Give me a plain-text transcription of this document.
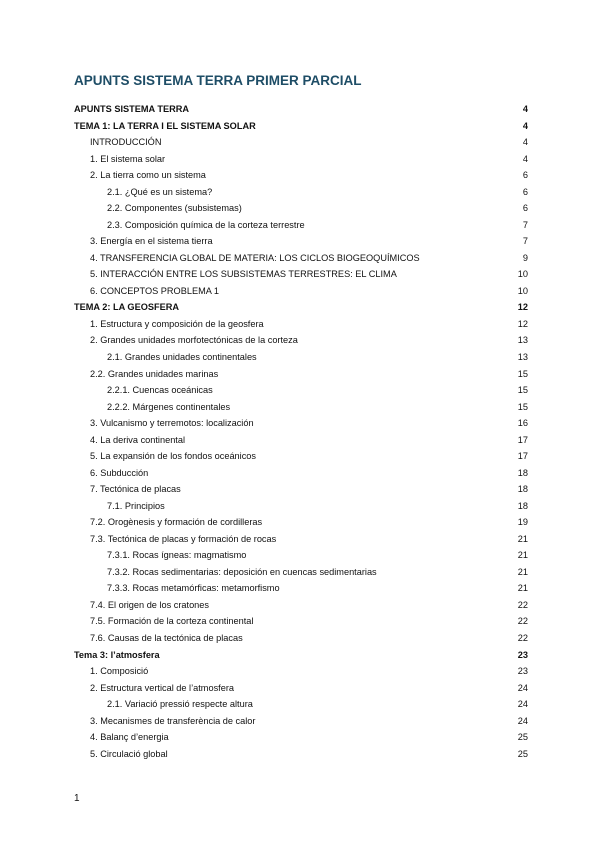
APUNTS SISTEMA TERRA PRIMER PARCIAL
APUNTS SISTEMA TERRA	4
TEMA 1: LA TERRA I EL SISTEMA SOLAR	4
INTRODUCCIÓN	4
1. El sistema solar	4
2. La tierra como un sistema	6
2.1. ¿Qué es un sistema?	6
2.2. Componentes (subsistemas)	6
2.3. Composición química de la corteza terrestre	7
3. Energía en el sistema tierra	7
4. TRANSFERENCIA GLOBAL DE MATERIA: LOS CICLOS BIOGEOQUÍMICOS	9
5. INTERACCIÓN ENTRE LOS SUBSISTEMAS TERRESTRES: EL CLIMA	10
6. CONCEPTOS PROBLEMA 1	10
TEMA 2: LA GEOSFERA	12
1. Estructura y composición de la geosfera	12
2. Grandes unidades morfotectónicas de la corteza	13
2.1. Grandes unidades continentales	13
2.2. Grandes unidades marinas	15
2.2.1. Cuencas oceánicas	15
2.2.2. Márgenes continentales	15
3. Vulcanismo y terremotos: localización	16
4. La deriva continental	17
5. La expansión de los fondos oceánicos	17
6. Subducción	18
7. Tectónica de placas	18
7.1. Principios	18
7.2. Orogènesis y formación de cordilleras	19
7.3. Tectónica de placas y formación de rocas	21
7.3.1. Rocas ígneas: magmatismo	21
7.3.2. Rocas sedimentarias: deposición en cuencas sedimentarias	21
7.3.3. Rocas metamórficas: metamorfismo	21
7.4. El origen de los cratones	22
7.5. Formación de la corteza continental	22
7.6. Causas de la tectónica de placas	22
Tema 3: l’atmosfera	23
1. Composició	23
2. Estructura vertical de l’atmosfera	24
2.1. Variació pressió respecte altura	24
3. Mecanismes de transferència de calor	24
4. Balanç d’energia	25
5. Circulació global	25
1
